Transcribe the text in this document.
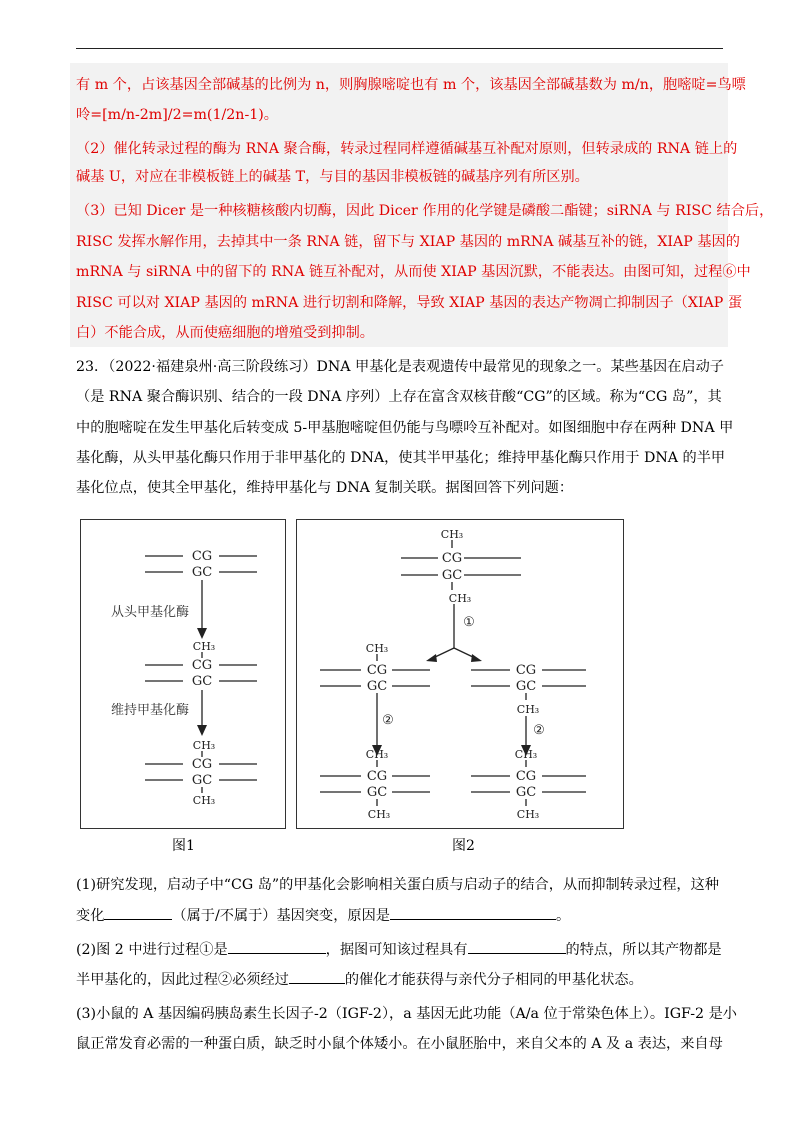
有 m 个，占该基因全部碱基的比例为 n，则胸腺嘧啶也有 m 个，该基因全部碱基数为 m/n，胞嘧啶=鸟嘌
呤=[m/n-2m]/2=m(1/2n-1)。
（2）催化转录过程的酶为 RNA 聚合酶，转录过程同样遵循碱基互补配对原则，但转录成的 RNA 链上的
碱基 U，对应在非模板链上的碱基 T，与目的基因非模板链的碱基序列有所区别。
（3）已知 Dicer 是一种核糖核酸内切酶，因此 Dicer 作用的化学键是磷酸二酯键；siRNA 与 RISC 结合后，
RISC 发挥水解作用，去掉其中一条 RNA 链，留下与 XIAP 基因的 mRNA 碱基互补的链，XIAP 基因的
mRNA 与 siRNA 中的留下的 RNA 链互补配对，从而使 XIAP 基因沉默，不能表达。由图可知，过程⑥中
RISC 可以对 XIAP 基因的 mRNA 进行切割和降解，导致 XIAP 基因的表达产物凋亡抑制因子（XIAP 蛋
白）不能合成，从而使癌细胞的增殖受到抑制。
23．（2022·福建泉州·高三阶段练习）DNA 甲基化是表观遗传中最常见的现象之一。某些基因在启动子
（是 RNA 聚合酶识别、结合的一段 DNA 序列）上存在富含双核苷酸“CG”的区域。称为“CG 岛”，其
中的胞嘧啶在发生甲基化后转变成 5-甲基胞嘧啶但仍能与鸟嘌呤互补配对。如图细胞中存在两种 DNA 甲
基化酶，从头甲基化酶只作用于非甲基化的 DNA，使其半甲基化；维持甲基化酶只作用于 DNA 的半甲
基化位点，使其全甲基化，维持甲基化与 DNA 复制关联。据图回答下列问题：
CG
GC
CH₃
CG
GC
CH₃
CG
GC
CH₃
从头甲基化酶
维持甲基化酶
图1
CH₃
CG
GC
CH₃
①
CH₃
CG
GC
②
CG
GC
CH₃
②
CH₃
CG
GC
CH₃
CH₃
CG
GC
CH₃
图2
(1)研究发现，启动子中“CG 岛”的甲基化会影响相关蛋白质与启动子的结合，从而抑制转录过程，这种
变化	（属于/不属于）基因突变，原因是	。
(2)图 2 中进行过程①是	，据图可知该过程具有	的特点，所以其产物都是
半甲基化的，因此过程②必须经过	的催化才能获得与亲代分子相同的甲基化状态。
(3)小鼠的 A 基因编码胰岛素生长因子-2（IGF-2），a 基因无此功能（A/a 位于常染色体上）。IGF-2 是小
鼠正常发育必需的一种蛋白质，缺乏时小鼠个体矮小。在小鼠胚胎中，来自父本的 A 及 a 表达，来自母
